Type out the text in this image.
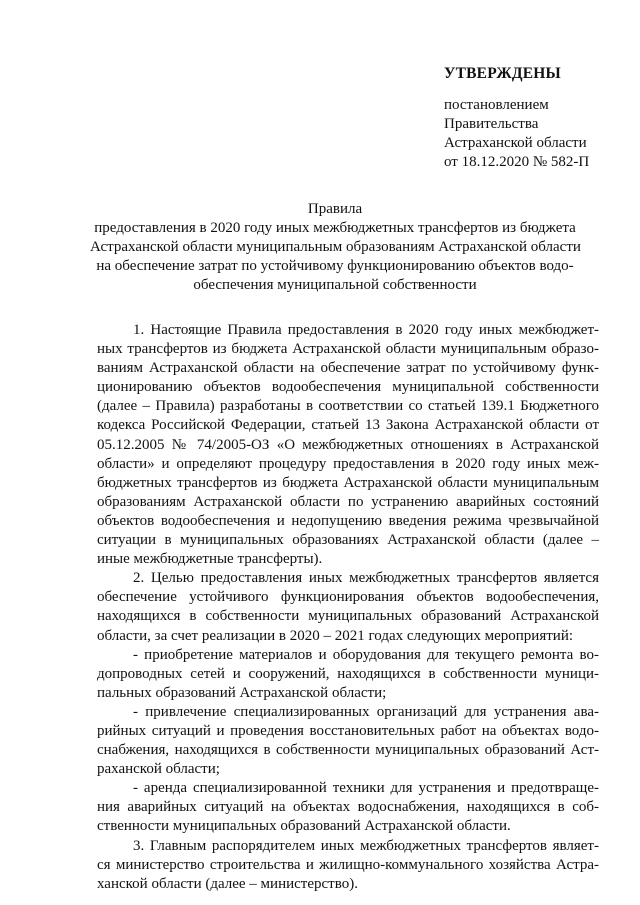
УТВЕРЖДЕНЫ
постановлением
Правительства
Астраханской области
от 18.12.2020 № 582-П
Правила
предоставления в 2020 году иных межбюджетных трансфертов из бюджета
Астраханской области муниципальным образованиям Астраханской области
на обеспечение затрат по устойчивому функционированию объектов водо-
обеспечения муниципальной собственности
1. Настоящие Правила предоставления в 2020 году иных межбюджет-
ных трансфертов из бюджета Астраханской области муниципальным образо-
ваниям Астраханской области на обеспечение затрат по устойчивому функ-
ционированию объектов водообеспечения муниципальной собственности
(далее – Правила) разработаны в соответствии со статьей 139.1 Бюджетного
кодекса Российской Федерации, статьей 13 Закона Астраханской области от
05.12.2005 № 74/2005-ОЗ «О межбюджетных отношениях в Астраханской
области» и определяют процедуру предоставления в 2020 году иных меж-
бюджетных трансфертов из бюджета Астраханской области муниципальным
образованиям Астраханской области по устранению аварийных состояний
объектов водообеспечения и недопущению введения режима чрезвычайной
ситуации в муниципальных образованиях Астраханской области (далее –
иные межбюджетные трансферты).
2. Целью предоставления иных межбюджетных трансфертов является
обеспечение устойчивого функционирования объектов водообеспечения,
находящихся в собственности муниципальных образований Астраханской
области, за счет реализации в 2020 – 2021 годах следующих мероприятий:
- приобретение материалов и оборудования для текущего ремонта во-
допроводных сетей и сооружений, находящихся в собственности муници-
пальных образований Астраханской области;
- привлечение специализированных организаций для устранения ава-
рийных ситуаций и проведения восстановительных работ на объектах водо-
снабжения, находящихся в собственности муниципальных образований Аст-
раханской области;
- аренда специализированной техники для устранения и предотвраще-
ния аварийных ситуаций на объектах водоснабжения, находящихся в соб-
ственности муниципальных образований Астраханской области.
3. Главным распорядителем иных межбюджетных трансфертов являет-
ся министерство строительства и жилищно-коммунального хозяйства Астра-
ханской области (далее – министерство).
